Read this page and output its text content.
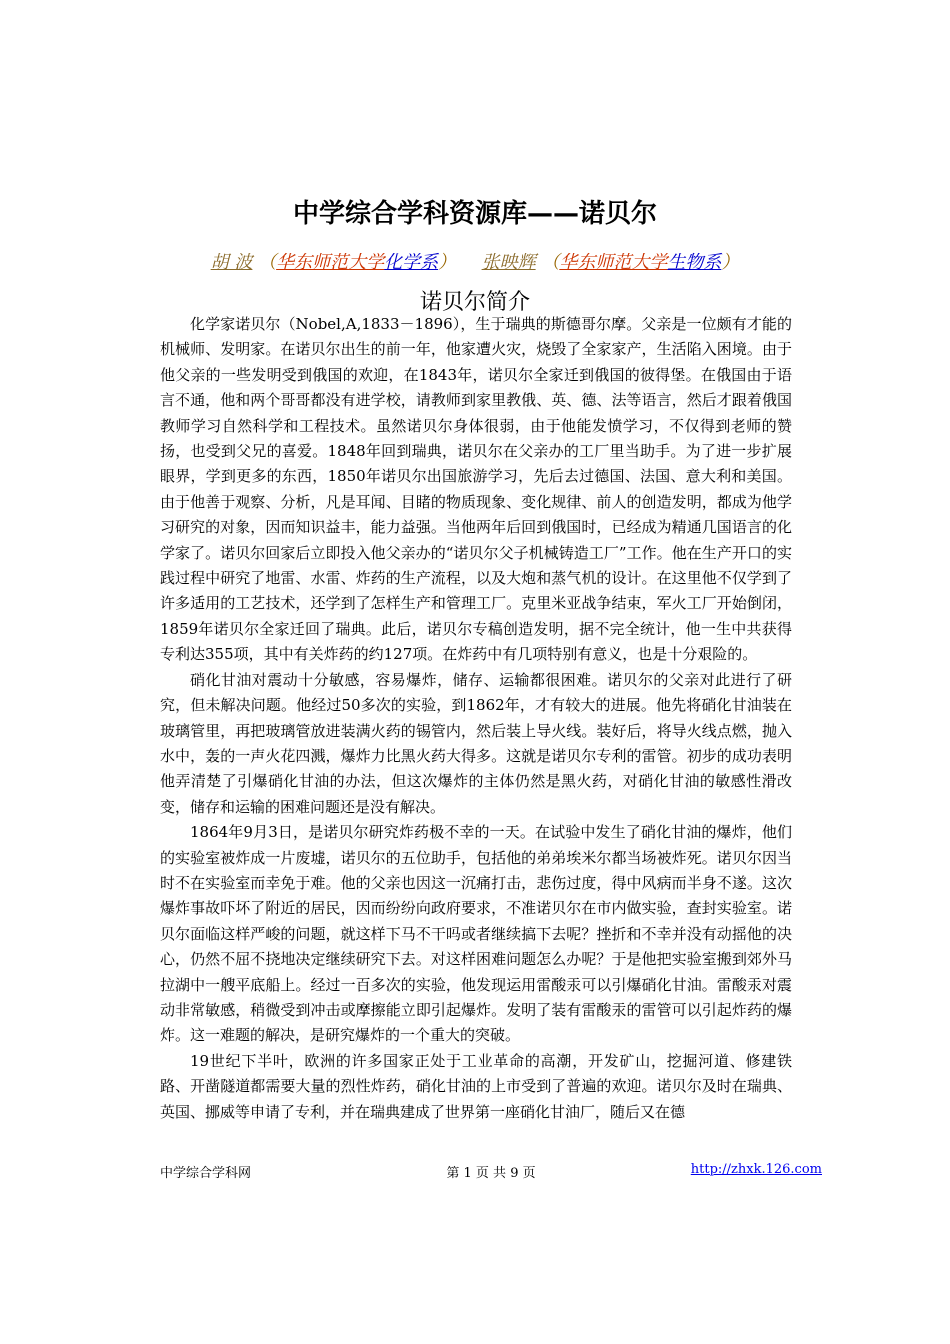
中学综合学科资源库——诺贝尔
胡 波 （华东师范大学化学系） 张映辉 （华东师范大学生物系）
诺贝尔简介

化学家诺贝尔（Nobel,A,1833－1896），生于瑞典的斯德哥尔摩。父亲是一位颇有才能的机械师、发明家。在诺贝尔出生的前一年，他家遭火灾，烧毁了全家家产，生活陷入困境。由于他父亲的一些发明受到俄国的欢迎，在1843年，诺贝尔全家迁到俄国的彼得堡。在俄国由于语言不通，他和两个哥哥都没有进学校，请教师到家里教俄、英、德、法等语言，然后才跟着俄国教师学习自然科学和工程技术。虽然诺贝尔身体很弱，由于他能发愤学习，不仅得到老师的赞扬，也受到父兄的喜爱。1848年回到瑞典，诺贝尔在父亲办的工厂里当助手。为了进一步扩展眼界，学到更多的东西，1850年诺贝尔出国旅游学习，先后去过德国、法国、意大利和美国。由于他善于观察、分析，凡是耳闻、目睹的物质现象、变化规律、前人的创造发明，都成为他学习研究的对象，因而知识益丰，能力益强。当他两年后回到俄国时，已经成为精通几国语言的化学家了。诺贝尔回家后立即投入他父亲办的“诺贝尔父子机械铸造工厂”工作。他在生产开口的实践过程中研究了地雷、水雷、炸药的生产流程，以及大炮和蒸气机的设计。在这里他不仅学到了许多适用的工艺技术，还学到了怎样生产和管理工厂。克里米亚战争结束，军火工厂开始倒闭，1859年诺贝尔全家迁回了瑞典。此后，诺贝尔专稿创造发明，据不完全统计，他一生中共获得专利达355项，其中有关炸药的约127项。在炸药中有几项特别有意义，也是十分艰险的。

硝化甘油对震动十分敏感，容易爆炸，储存、运输都很困难。诺贝尔的父亲对此进行了研究，但未解决问题。他经过50多次的实验，到1862年，才有较大的进展。他先将硝化甘油装在玻璃管里，再把玻璃管放进装满火药的锡管内，然后装上导火线。装好后，将导火线点燃，抛入水中，轰的一声火花四溅，爆炸力比黑火药大得多。这就是诺贝尔专利的雷管。初步的成功表明他弄清楚了引爆硝化甘油的办法，但这次爆炸的主体仍然是黑火药，对硝化甘油的敏感性滑改变，储存和运输的困难问题还是没有解决。

1864年9月3日，是诺贝尔研究炸药极不幸的一天。在试验中发生了硝化甘油的爆炸，他们的实验室被炸成一片废墟，诺贝尔的五位助手，包括他的弟弟埃米尔都当场被炸死。诺贝尔因当时不在实验室而幸免于难。他的父亲也因这一沉痛打击，悲伤过度，得中风病而半身不遂。这次爆炸事故吓坏了附近的居民，因而纷纷向政府要求，不准诺贝尔在市内做实验，查封实验室。诺贝尔面临这样严峻的问题，就这样下马不干吗或者继续搞下去呢？挫折和不幸并没有动摇他的决心，仍然不屈不挠地决定继续研究下去。对这样困难问题怎么办呢？于是他把实验室搬到郊外马拉湖中一艘平底船上。经过一百多次的实验，他发现运用雷酸汞可以引爆硝化甘油。雷酸汞对震动非常敏感，稍微受到冲击或摩擦能立即引起爆炸。发明了装有雷酸汞的雷管可以引起炸药的爆炸。这一难题的解决，是研究爆炸的一个重大的突破。

19世纪下半叶，欧洲的许多国家正处于工业革命的高潮，开发矿山，挖掘河道、修建铁路、开凿隧道都需要大量的烈性炸药，硝化甘油的上市受到了普遍的欢迎。诺贝尔及时在瑞典、英国、挪威等申请了专利，并在瑞典建成了世界第一座硝化甘油厂，随后又在德

中学综合学科网	第 1 页 共 9 页	http://zhxk.126.com
